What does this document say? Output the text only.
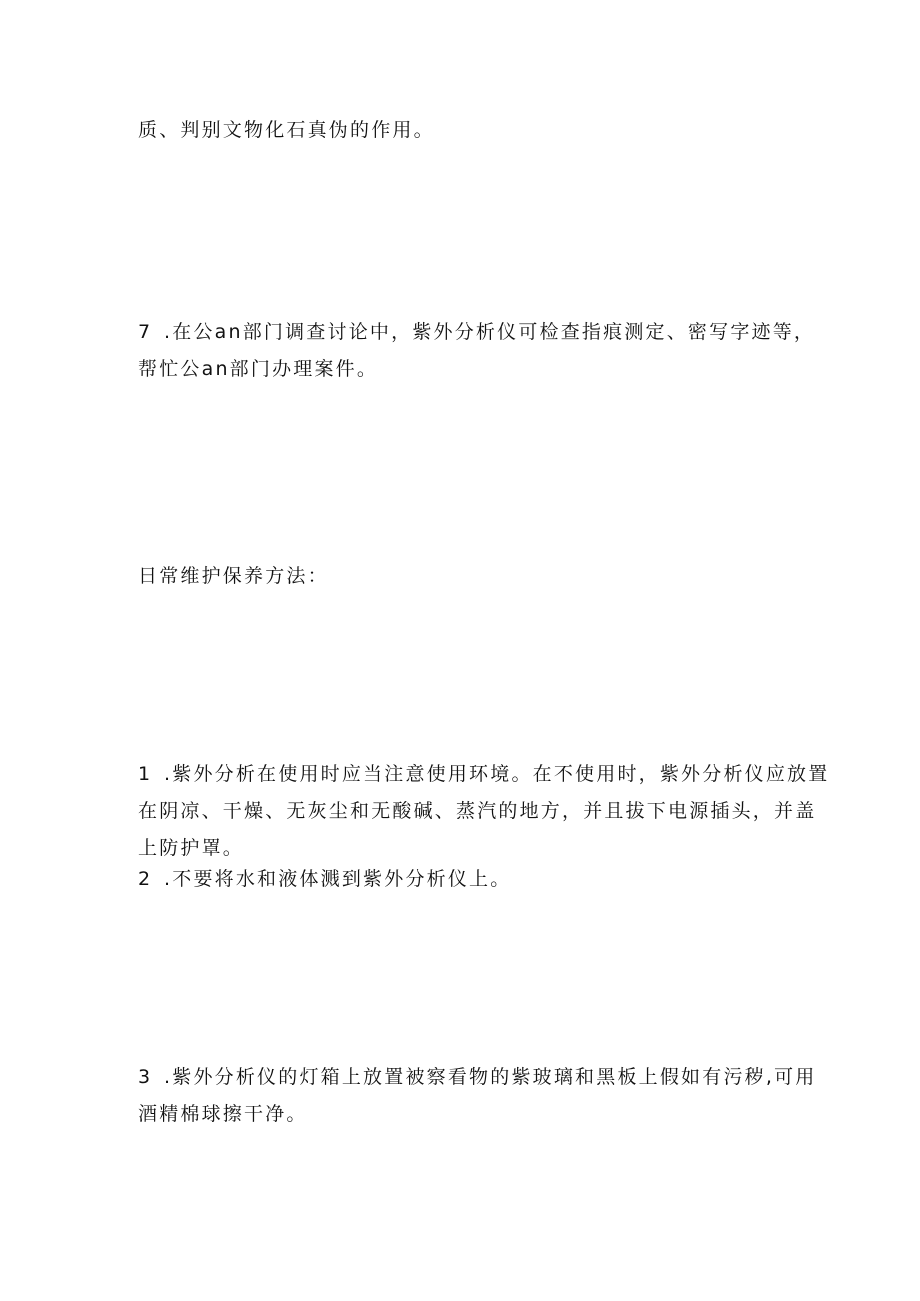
质、判别文物化石真伪的作用。
7 .在公an部门调查讨论中，紫外分析仪可检查指痕测定、密写字迹等，
帮忙公an部门办理案件。
日常维护保养方法：
1 .紫外分析在使用时应当注意使用环境。在不使用时，紫外分析仪应放置
在阴凉、干燥、无灰尘和无酸碱、蒸汽的地方，并且拔下电源插头，并盖
上防护罩。
2 .不要将水和液体溅到紫外分析仪上。
3 .紫外分析仪的灯箱上放置被察看物的紫玻璃和黑板上假如有污秽,可用
酒精棉球擦干净。
